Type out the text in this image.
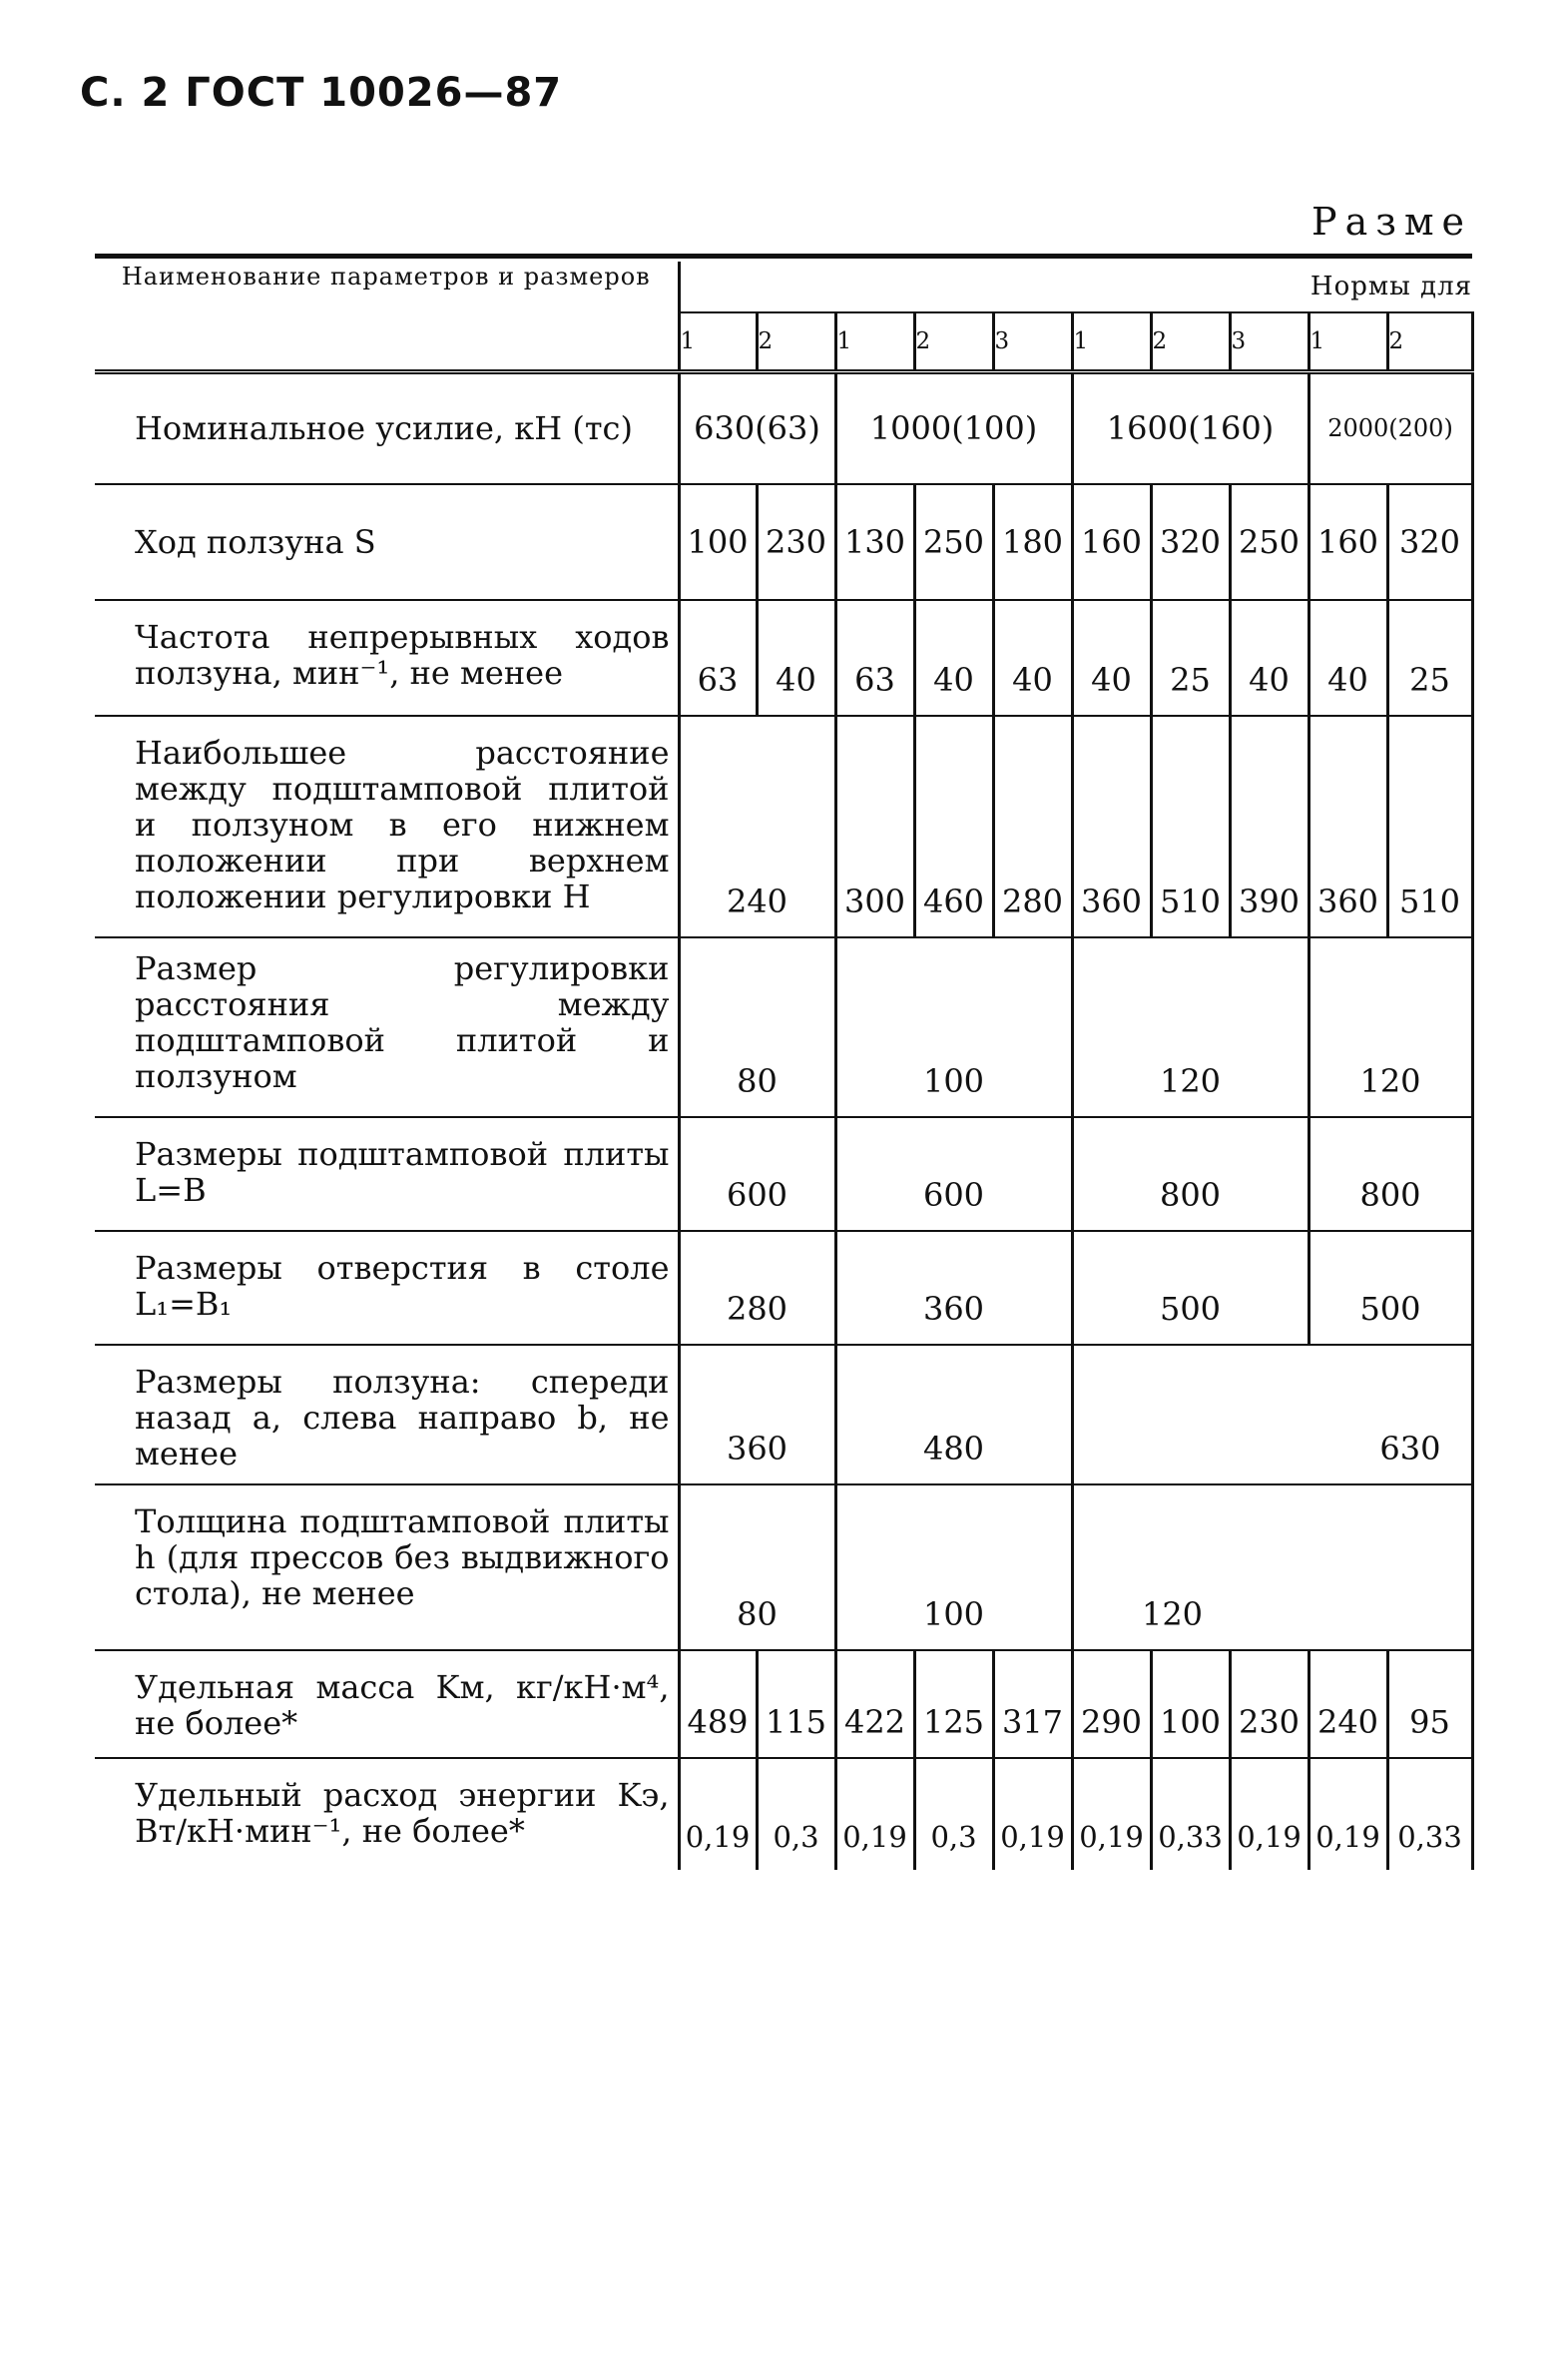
С. 2 ГОСТ 10026—87
Разме
Наименование параметров и размеров	Нормы для									
	1	2	1	2	3	1	2	3	1	2
Номинальное усилие, кН (тс)	630(63)		1000(100)			1600(160)			2000(200)	
Ход ползуна S	100	230	130	250	180	160	320	250	160	320
Частота непрерывных ходов ползуна, мин⁻¹, не менее	63	40	63	40	40	40	25	40	40	25
Наибольшее расстояние между подштамповой плитой и ползуном в его нижнем положении при верхнем положении регулировки H	240		300	460	280	360	510	390	360	510
Размер регулировки расстояния между подштамповой плитой и ползуном	80		100			120			120	
Размеры подштамповой плиты L=B	600		600			800			800	
Размеры отверстия в столе L₁=B₁	280		360			500			500	
Размеры ползуна: спереди назад a, слева направо b, не менее	360		480			630				
Толщина подштамповой плиты h (для прессов без выдвижного стола), не менее	80		100			120				
Удельная масса Kм, кг/кН·м⁴, не более*	489	115	422	125	317	290	100	230	240	95
Удельный расход энергии Kэ, Вт/кН·мин⁻¹, не более*	0,19	0,3	0,19	0,3	0,19	0,19	0,33	0,19	0,19	0,33
